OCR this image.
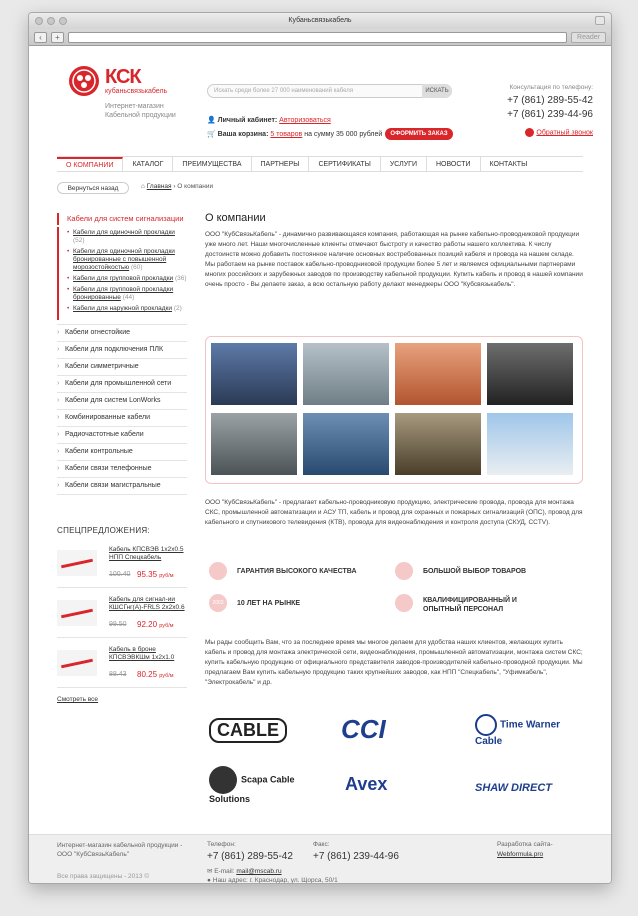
Кубаньсвязькабель
‹	+	Reader
КСК
кубаньсвязькабель
Интернет-магазин Кабельной продукции
Искать среди более 27 000 наименований кабеля	ИСКАТЬ
👤 Личный кабинет: Авторизоваться
🛒 Ваша корзина: 5 товаров на сумму 35 000 рублей	ОФОРМИТЬ ЗАКАЗ
Консультация по телефону:
+7 (861) 289-55-42
+7 (861) 239-44-96
Обратный звонок
О КОМПАНИИ	КАТАЛОГ	ПРЕИМУЩЕСТВА	ПАРТНЕРЫ	СЕРТИФИКАТЫ	УСЛУГИ	НОВОСТИ	КОНТАКТЫ
Вернуться назад	⌂ Главная › О компании
Кабели для систем сигнализации
• Кабели для одиночной прокладки (52)
• Кабели для одиночной прокладки бронированные с повышенной морозостойкостью (60)
• Кабели для групповой прокладки (36)
• Кабели для групповой прокладки бронированные (44)
• Кабели для наружной прокладки (2)
› Кабели огнестойкие
› Кабели для подключения ПЛК
› Кабели симметричные
› Кабели для промышленной сети
› Кабели для систем LonWorks
› Комбинированные кабели
› Радиочастотные кабели
› Кабели контрольные
› Кабели связи телефонные
› Кабели связи магистральные
СПЕЦПРЕДЛОЖЕНИЯ:
Кабель КПСВЭВ 1х2х0.5 НПП Спецкабель
100.40 95.35 руб/м
Кабель для сигнал-ии КШСГнг(А)-FRLS 2х2х0.6
99.50 92.20 руб/м
Кабель в броне КПСВЭВКШм 1х2х1.0
88.43 80.25 руб/м
Смотреть все
О компании
ООО "КубСвязьКабель" - динамично развивающаяся компания, работающая на рынке кабельно-проводниковой продукции уже много лет. Наши многочисленные клиенты отмечают быстроту и качество работы нашего коллектива. К числу достоинств можно добавить постоянное наличие основных востребованных позиций кабеля и провода на нашем складе. Мы работаем на рынке поставок кабельно-проводниковой продукции более 5 лет и являемся официальными партнерами многих российских и зарубежных заводов по производству кабельной продукции. Купить кабель и провод в нашей компании очень просто - Вы делаете заказ, а всю остальную работу делают менеджеры ООО "Кубсвязькабель".
ООО "КубСвязьКабель" - предлагает кабельно-проводниковую продукцию, электрические провода, провода для монтажа СКС, промышленной автоматизации и АСУ ТП, кабель и провод для охранных и пожарных сигнализаций (ОПС), провод для кабельного и спутникового телевидения (КТВ), провода для видеонаблюдения и контроля доступа (СКУД, ССTV).
ГАРАНТИЯ ВЫСОКОГО КАЧЕСТВА	БОЛЬШОЙ ВЫБОР ТОВАРОВ
2003	10 ЛЕТ НА РЫНКЕ	КВАЛИФИЦИРОВАННЫЙ И ОПЫТНЫЙ ПЕРСОНАЛ
Мы рады сообщить Вам, что за последнее время мы многое делаем для удобства наших клиентов, желающих купить кабель и провод для монтажа электрической сети, видеонаблюдения, промышленной автоматизации, монтажа систем СКС; купить кабельную продукцию от официального представителя заводов-производителей кабельно-проводной продукции. Мы предлагаем Вам купить кабельную продукцию таких крупнейших заводов, как НПП "Спецкабель", "Уфимкабель", "Электрокабель" и др.
CABLE	CCI	Time Warner Cable
Scapa Cable Solutions
Avex	SHAW DIRECT
Интернет-магазин кабельной продукции - ООО "КубСвязьКабель"
Все права защищены - 2013 ©
Телефон:
+7 (861) 289-55-42
Факс:
+7 (861) 239-44-96
✉ E-mail: mail@mscab.ru
● Наш адрес: г. Краснодар, ул. Щорса, 50/1
Разработка сайта-
Webformula.pro
